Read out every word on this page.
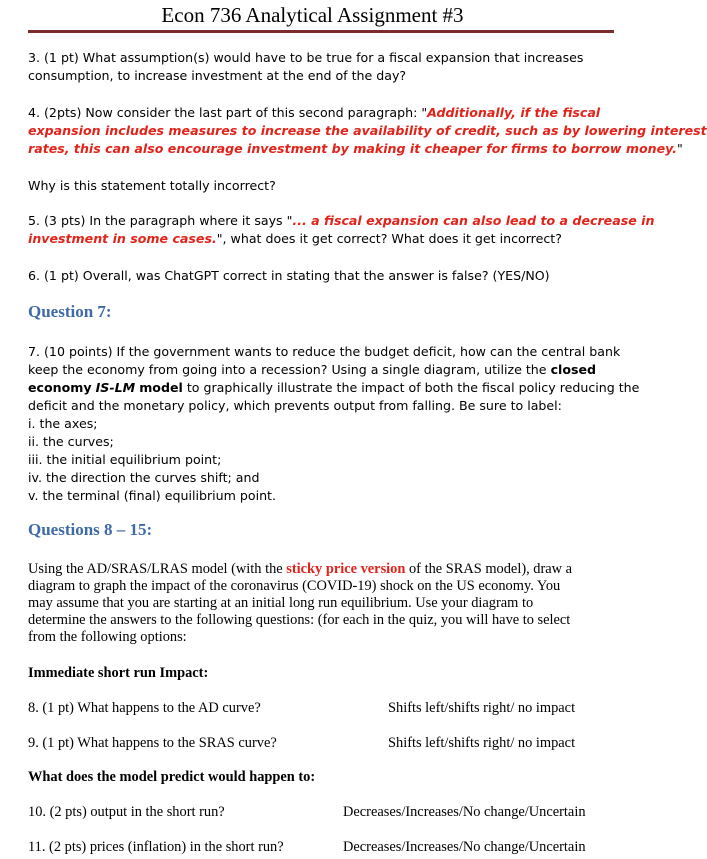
Econ 736 Analytical Assignment #3
3. (1 pt) What assumption(s) would have to be true for a fiscal expansion that increases
consumption, to increase investment at the end of the day?
4. (2pts) Now consider the last part of this second paragraph: "Additionally, if the fiscal
expansion includes measures to increase the availability of credit, such as by lowering interest
rates, this can also encourage investment by making it cheaper for firms to borrow money."
Why is this statement totally incorrect?
5. (3 pts) In the paragraph where it says "... a fiscal expansion can also lead to a decrease in
investment in some cases.", what does it get correct? What does it get incorrect?
6. (1 pt) Overall, was ChatGPT correct in stating that the answer is false? (YES/NO)
Question 7:
7. (10 points) If the government wants to reduce the budget deficit, how can the central bank
keep the economy from going into a recession? Using a single diagram, utilize the closed
economy IS-LM model to graphically illustrate the impact of both the fiscal policy reducing the
deficit and the monetary policy, which prevents output from falling. Be sure to label:
i. the axes;
ii. the curves;
iii. the initial equilibrium point;
iv. the direction the curves shift; and
v. the terminal (final) equilibrium point.
Questions 8 – 15:
Using the AD/SRAS/LRAS model (with the sticky price version of the SRAS model), draw a
diagram to graph the impact of the coronavirus (COVID-19) shock on the US economy. You
may assume that you are starting at an initial long run equilibrium. Use your diagram to
determine the answers to the following questions: (for each in the quiz, you will have to select
from the following options:
Immediate short run Impact:
8. (1 pt) What happens to the AD curve?	Shifts left/shifts right/ no impact
9. (1 pt) What happens to the SRAS curve?	Shifts left/shifts right/ no impact
What does the model predict would happen to:
10. (2 pts) output in the short run?	Decreases/Increases/No change/Uncertain
11. (2 pts) prices (inflation) in the short run?	Decreases/Increases/No change/Uncertain
